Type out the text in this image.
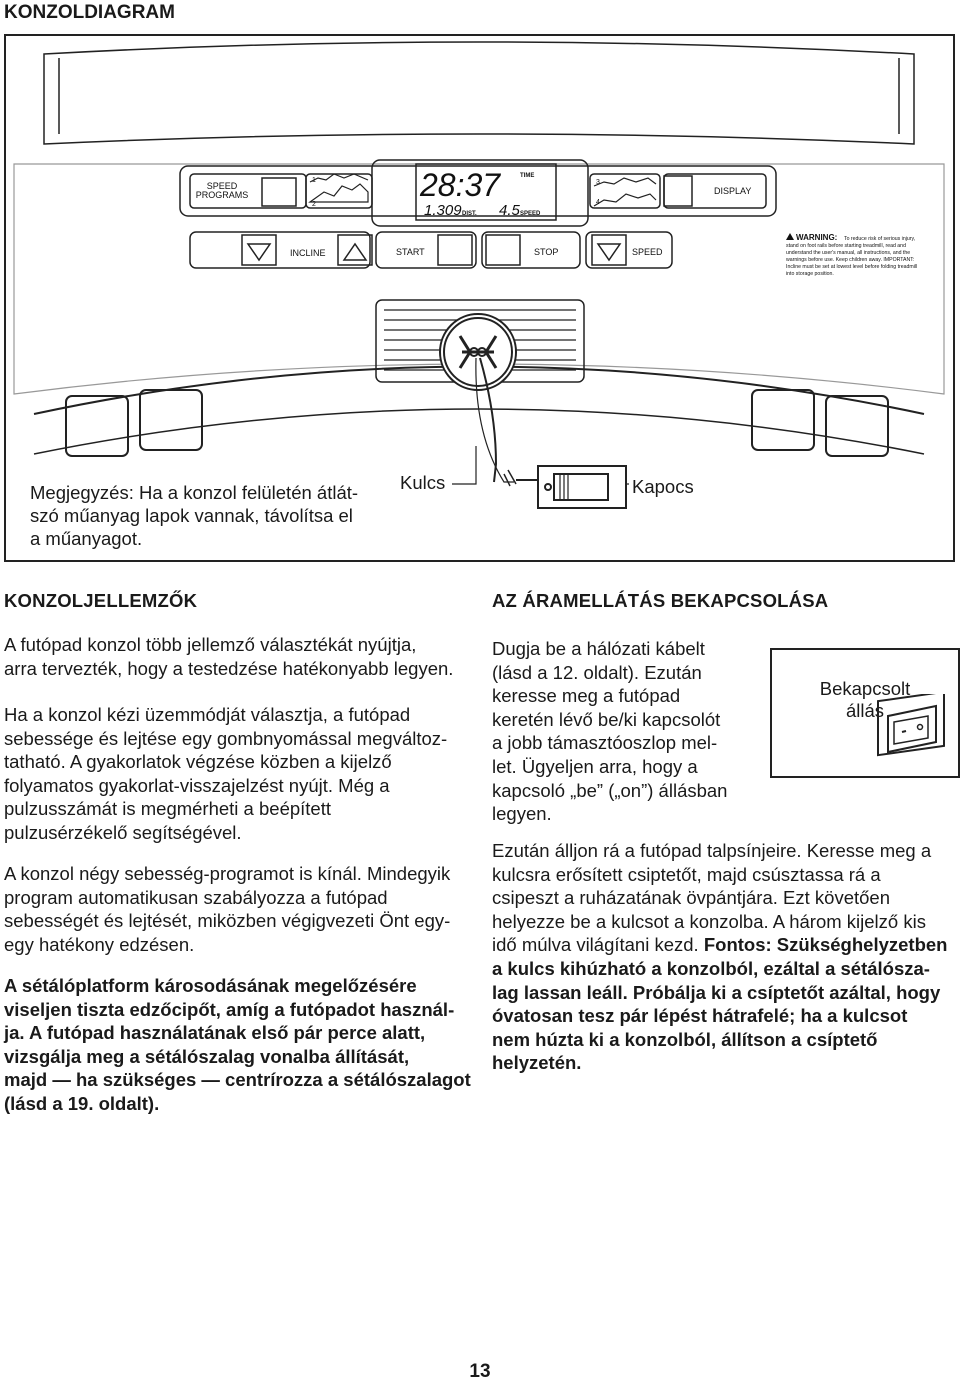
KONZOLDIAGRAM
SPEED
PROGRAMS	DISPLAY
INCLINE	START	STOP	SPEED
1
2
3
4
28:37	TIME
1.309 DIST. 4.5 SPEED
WARNING: To reduce risk of serious injury,
stand on foot rails before starting treadmill, read and
understand the user's manual, all instructions, and the
warnings before use. Keep children away. IMPORTANT:
Incline must be set at lowest level before folding treadmill
into storage position.
Megjegyzés: Ha a konzol felületén átlát-
szó műanyag lapok vannak, távolítsa el
a műanyagot.
Kulcs	Kapocs
KONZOLJELLEMZŐK
A futópad konzol több jellemző választékát nyújtja,
arra tervezték, hogy a testedzése hatékonyabb legyen.
Ha a konzol kézi üzemmódját választja, a futópad
sebessége és lejtése egy gombnyomással megváltoz-
tatható. A gyakorlatok végzése közben a kijelző
folyamatos gyakorlat-visszajelzést nyújt. Még a
pulzusszámát is megmérheti a beépített
pulzusérzékelő segítségével.
A konzol négy sebesség-programot is kínál. Mindegyik
program automatikusan szabályozza a futópad
sebességét és lejtését, miközben végigvezeti Önt egy-
egy hatékony edzésen.
A sétálóplatform károsodásának megelőzésére
viseljen tiszta edzőcipőt, amíg a futópadot használ-
ja. A futópad használatának első pár perce alatt,
vizsgálja meg a sétálószalag vonalba állítását,
majd — ha szükséges — centrírozza a sétálószalagot
(lásd a 19. oldalt).
AZ ÁRAMELLÁTÁS BEKAPCSOLÁSA
Dugja be a hálózati kábelt
(lásd a 12. oldalt). Ezután
keresse meg a futópad
keretén lévő be/ki kapcsolót
a jobb támasztóoszlop mel-
let. Ügyeljen arra, hogy a
kapcsoló „be” („on”) állásban
legyen.
Bekapcsolt
állás
Ezután álljon rá a futópad talpsínjeire. Keresse meg a
kulcsra erősített csiptetőt, majd csúsztassa rá a
csipeszt a ruházatának övpántjára. Ezt követően
helyezze be a kulcsot a konzolba. A három kijelző kis
idő múlva világítani kezd. Fontos: Szükséghelyzetben
a kulcs kihúzható a konzolból, ezáltal a sétálósza-
lag lassan leáll. Próbálja ki a csíptetőt azáltal, hogy
óvatosan tesz pár lépést hátrafelé; ha a kulcsot
nem húzta ki a konzolból, állítson a csíptető
helyzetén.
13
